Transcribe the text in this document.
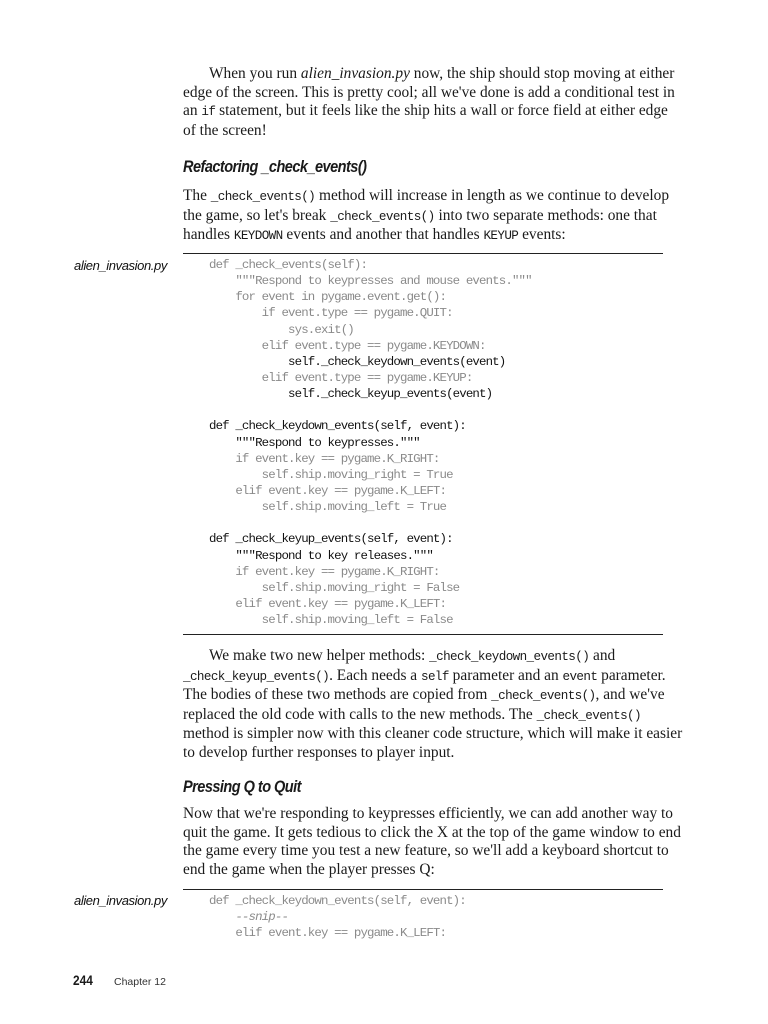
When you run alien_invasion.py now, the ship should stop moving at either edge of the screen. This is pretty cool; all we've done is add a conditional test in an if statement, but it feels like the ship hits a wall or force field at either edge of the screen!

Refactoring _check_events()

The _check_events() method will increase in length as we continue to develop the game, so let's break _check_events() into two separate methods: one that handles KEYDOWN events and another that handles KEYUP events:

alien_invasion.py	def _check_events(self):
"""Respond to keypresses and mouse events."""
for event in pygame.event.get():
if event.type == pygame.QUIT:
sys.exit()
elif event.type == pygame.KEYDOWN:
self._check_keydown_events(event)
elif event.type == pygame.KEYUP:
self._check_keyup_events(event)
def _check_keydown_events(self, event):
"""Respond to keypresses."""
if event.key == pygame.K_RIGHT:
self.ship.moving_right = True
elif event.key == pygame.K_LEFT:
self.ship.moving_left = True
def _check_keyup_events(self, event):
"""Respond to key releases."""
if event.key == pygame.K_RIGHT:
self.ship.moving_right = False
elif event.key == pygame.K_LEFT:
self.ship.moving_left = False

We make two new helper methods: _check_keydown_events() and _check_keyup_events(). Each needs a self parameter and an event parameter. The bodies of these two methods are copied from _check_events(), and we've replaced the old code with calls to the new methods. The _check_events() method is simpler now with this cleaner code structure, which will make it easier to develop further responses to player input.

Pressing Q to Quit

Now that we're responding to keypresses efficiently, we can add another way to quit the game. It gets tedious to click the X at the top of the game window to end the game every time you test a new feature, so we'll add a keyboard shortcut to end the game when the player presses Q:

alien_invasion.py	def _check_keydown_events(self, event):
--snip--
elif event.key == pygame.K_LEFT:
244 Chapter 12
